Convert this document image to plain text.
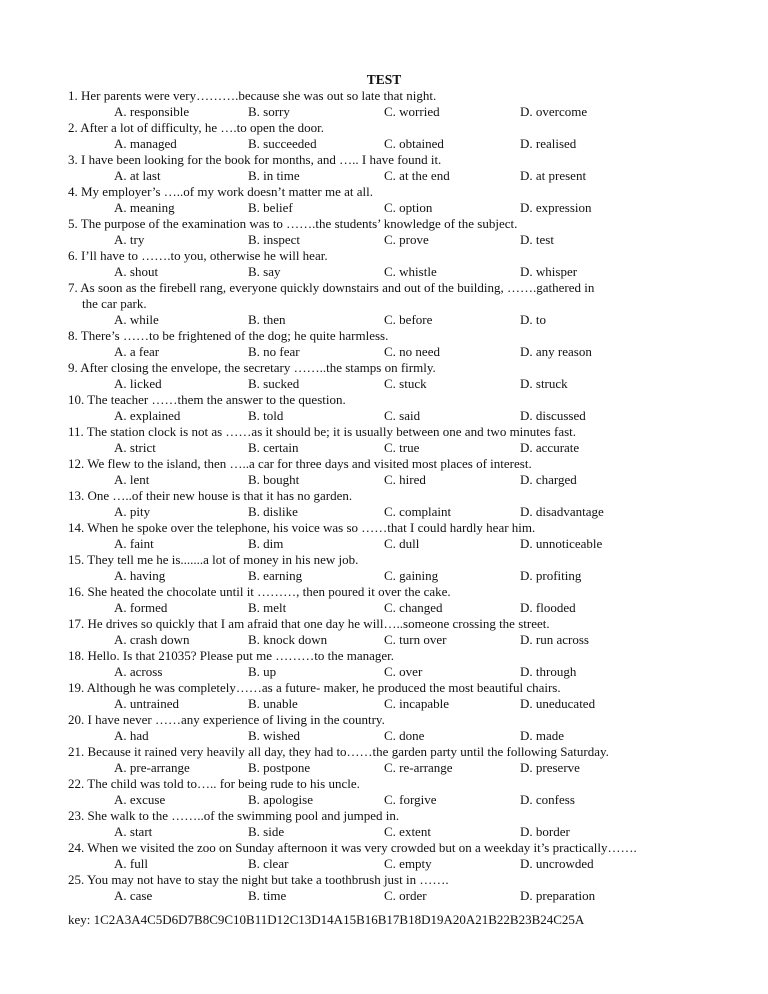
TEST
1. Her parents were very……….because she was out so late that night.
A. responsible	B. sorry	C. worried	D. overcome
2. After a lot of difficulty, he ….to open the door.
A. managed	B. succeeded	C. obtained	D. realised
3. I have been looking for the book for months, and ….. I have found it.
A. at last	B. in time	C. at the end	D. at present
4. My employer’s …..of my work doesn’t matter me at all.
A. meaning	B. belief	C. option	D. expression
5. The purpose of the examination was to …….the students’ knowledge of the subject.
A. try	B. inspect	C. prove	D. test
6. I’ll have to …….to you, otherwise he will hear.
A. shout	B. say	C. whistle	D. whisper
7. As soon as the firebell rang, everyone quickly downstairs and out of the building, …….gathered in
the car park.
A. while	B. then	C. before	D. to
8. There’s ……to be frightened of the dog; he quite harmless.
A. a fear	B. no fear	C. no need	D. any reason
9. After closing the envelope, the secretary ……..the stamps on firmly.
A. licked	B. sucked	C. stuck	D. struck
10. The teacher ……them the answer to the question.
A. explained	B. told	C. said	D. discussed
11. The station clock is not as ……as it should be; it is usually between one and two minutes fast.
A. strict	B. certain	C. true	D. accurate
12. We flew to the island, then …..a car for three days and visited most places of interest.
A. lent	B. bought	C. hired	D. charged
13. One …..of their new house is that it has no garden.
A. pity	B. dislike	C. complaint	D. disadvantage
14. When he spoke over the telephone, his voice was so ……that I could hardly hear him.
A. faint	B. dim	C. dull	D. unnoticeable
15. They tell me he is.......a lot of money in his new job.
A. having	B. earning	C. gaining	D. profiting
16. She heated the chocolate until it ………, then poured it over the cake.
A. formed	B. melt	C. changed	D. flooded
17. He drives so quickly that I am afraid that one day he will…..someone crossing the street.
A. crash down	B. knock down	C. turn over	D. run across
18. Hello. Is that 21035? Please put me ………to the manager.
A. across	B. up	C. over	D. through
19. Although he was completely……as a future- maker, he produced the most beautiful chairs.
A. untrained	B. unable	C. incapable	D. uneducated
20. I have never ……any experience of living in the country.
A. had	B. wished	C. done	D. made
21. Because it rained very heavily all day, they had to……the garden party until the following Saturday.
A. pre-arrange	B. postpone	C. re-arrange	D. preserve
22. The child was told to….. for being rude to his uncle.
A. excuse	B. apologise	C. forgive	D. confess
23. She walk to the ……..of the swimming pool and jumped in.
A. start	B. side	C. extent	D. border
24. When we visited the zoo on Sunday afternoon it was very crowded but on a weekday it’s practically…….
A. full	B. clear	C. empty	D. uncrowded
25. You may not have to stay the night but take a toothbrush just in …….
A. case	B. time	C. order	D. preparation
key: 1C2A3A4C5D6D7B8C9C10B11D12C13D14A15B16B17B18D19A20A21B22B23B24C25A
